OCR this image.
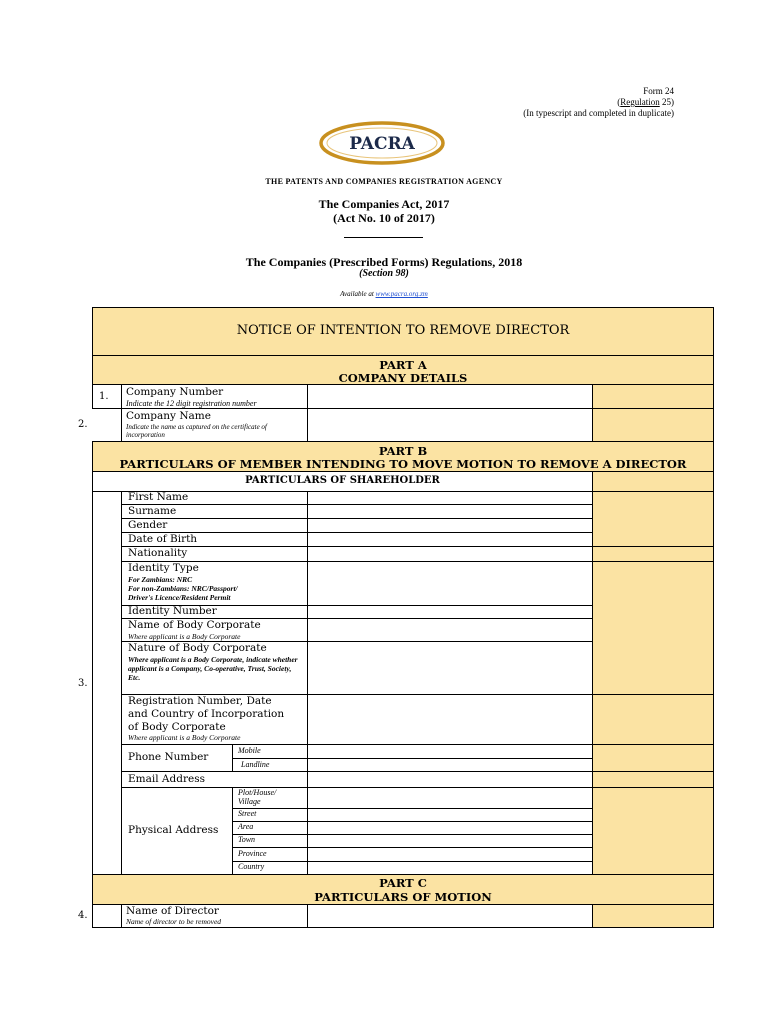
Form 24
(Regulation 25)
(In typescript and completed in duplicate)
PACRA
THE PATENTS AND COMPANIES REGISTRATION AGENCY
The Companies Act, 2017
(Act No. 10 of 2017)
The Companies (Prescribed Forms) Regulations, 2018
(Section 98)
Available at www.pacra.org.zm
NOTICE OF INTENTION TO REMOVE DIRECTOR
PART A
COMPANY DETAILS
1. Company Number
Indicate the 12 digit registration number
Company Name
Indicate the name as captured on the certificate of incorporation
2.
PART B
PARTICULARS OF MEMBER INTENDING TO MOVE MOTION TO REMOVE A DIRECTOR
PARTICULARS OF SHAREHOLDER
3.
First Name
Surname
Gender
Date of Birth
Nationality
Identity Type
For Zambians: NRC
For non-Zambians: NRC/Passport/
Driver's Licence/Resident Permit
Identity Number
Name of Body Corporate
Where applicant is a Body Corporate
Nature of Body Corporate
Where applicant is a Body Corporate, indicate whether applicant is a Company, Co-operative, Trust, Society, Etc.
Registration Number, Date
and Country of Incorporation
of Body Corporate
Where applicant is a Body Corporate
Phone Number
Mobile
Landline
Email Address
Physical Address
Plot/House/
Village
Street
Area
Town
Province
Country
PART C
PARTICULARS OF MOTION
4.	Name of Director
Name of director to be removed
